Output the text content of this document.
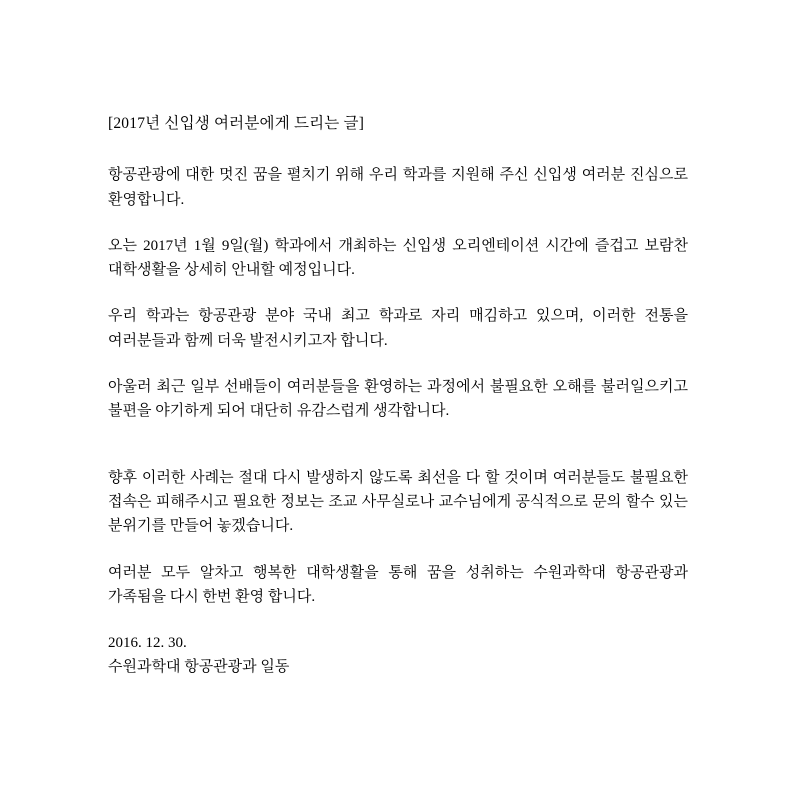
[2017년 신입생 여러분에게 드리는 글]

항공관광에 대한 멋진 꿈을 펼치기 위해 우리 학과를 지원해 주신 신입생 여러분 진심으로 환영합니다.

오는 2017년 1월 9일(월) 학과에서 개최하는 신입생 오리엔테이션 시간에 즐겁고 보람찬 대학생활을 상세히 안내할 예정입니다.

우리 학과는 항공관광 분야 국내 최고 학과로 자리 매김하고 있으며, 이러한 전통을 여러분들과 함께 더욱 발전시키고자 합니다.

아울러 최근 일부 선배들이 여러분들을 환영하는 과정에서 불필요한 오해를 불러일으키고 불편을 야기하게 되어 대단히 유감스럽게 생각합니다.

향후 이러한 사례는 절대 다시 발생하지 않도록 최선을 다 할 것이며 여러분들도 불필요한 접속은 피해주시고 필요한 정보는 조교 사무실로나 교수님에게 공식적으로 문의 할수 있는 분위기를 만들어 놓겠습니다.

여러분 모두 알차고 행복한 대학생활을 통해 꿈을 성취하는 수원과학대 항공관광과 가족됨을 다시 한번 환영 합니다.

2016. 12. 30.
수원과학대 항공관광과 일동
